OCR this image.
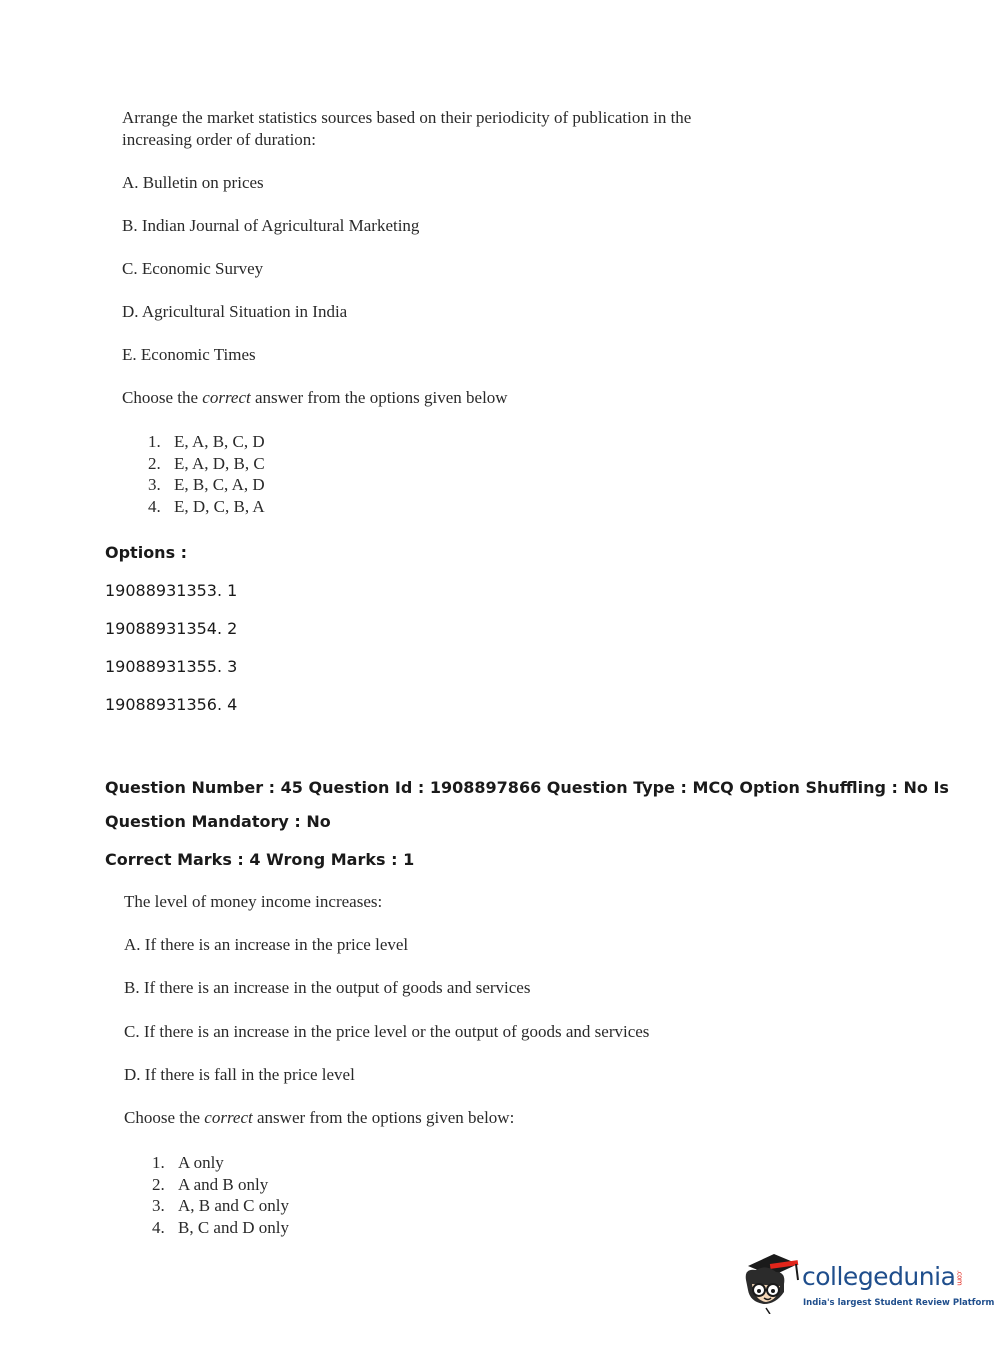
Arrange the market statistics sources based on their periodicity of publication in the

increasing order of duration:

A. Bulletin on prices

B. Indian Journal of Agricultural Marketing

C. Economic Survey

D. Agricultural Situation in India

E. Economic Times

Choose the correct answer from the options given below

1. E, A, B, C, D
2. E, A, D, B, C
3. E, B, C, A, D
4. E, D, C, B, A

Options :

19088931353. 1

19088931354. 2

19088931355. 3

19088931356. 4

Question Number : 45 Question Id : 1908897866 Question Type : MCQ Option Shuffling : No Is

Question Mandatory : No

Correct Marks : 4 Wrong Marks : 1

The level of money income increases:

A. If there is an increase in the price level

B. If there is an increase in the output of goods and services

C. If there is an increase in the price level or the output of goods and services

D. If there is fall in the price level

Choose the correct answer from the options given below:

1. A only
2. A and B only
3. A, B and C only
4. B, C and D only
collegedunia.com
India's largest Student Review Platform
